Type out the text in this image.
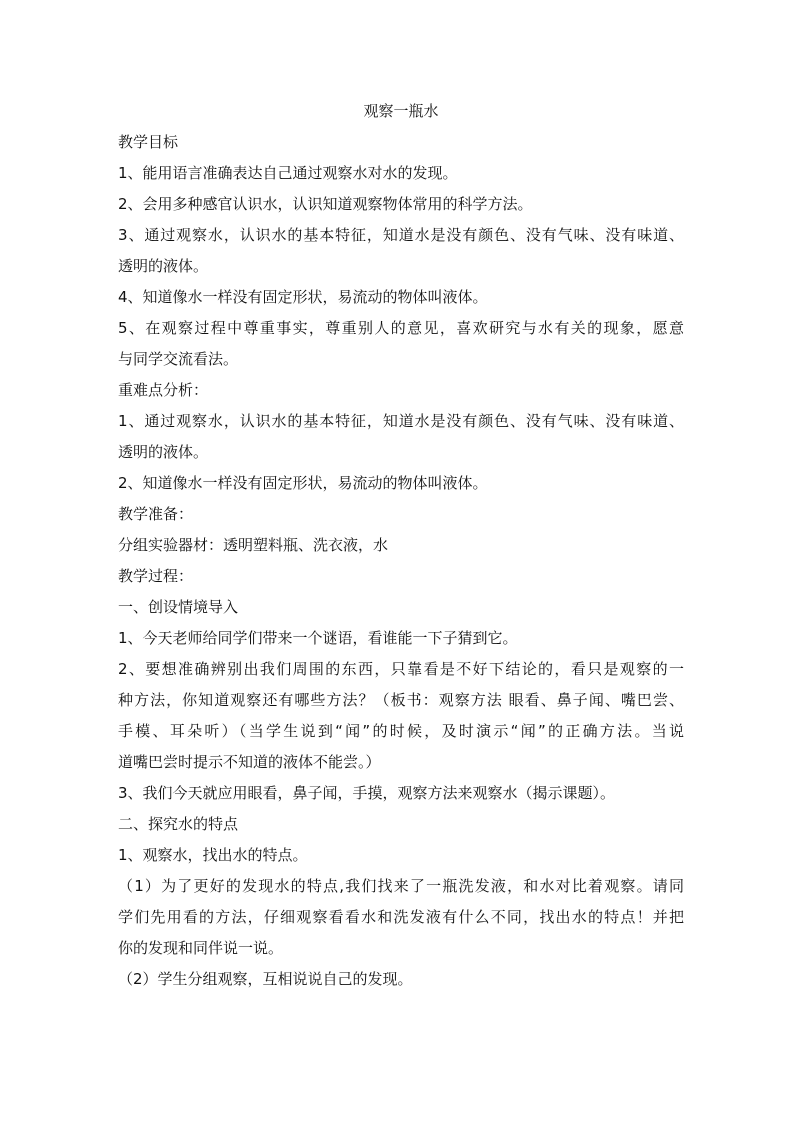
观察一瓶水

教学目标

1、能用语言准确表达自己通过观察水对水的发现。

2、会用多种感官认识水，认识知道观察物体常用的科学方法。

3、通过观察水，认识水的基本特征，知道水是没有颜色、没有气味、没有味道、

透明的液体。

4、知道像水一样没有固定形状，易流动的物体叫液体。

5、在观察过程中尊重事实，尊重别人的意见，喜欢研究与水有关的现象，愿意

与同学交流看法。

重难点分析：

1、通过观察水，认识水的基本特征，知道水是没有颜色、没有气味、没有味道、

透明的液体。

2、知道像水一样没有固定形状，易流动的物体叫液体。

教学准备：

分组实验器材：透明塑料瓶、洗衣液，水

教学过程：

一、创设情境导入

1、今天老师给同学们带来一个谜语，看谁能一下子猜到它。

2、要想准确辨别出我们周围的东西，只靠看是不好下结论的，看只是观察的一

种方法，你知道观察还有哪些方法？（板书：观察方法 眼看、鼻子闻、嘴巴尝、

手模、耳朵听）（当学生说到“闻”的时候，及时演示“闻”的正确方法。当说

道嘴巴尝时提示不知道的液体不能尝。）

3、我们今天就应用眼看，鼻子闻，手摸，观察方法来观察水（揭示课题）。

二、探究水的特点

1、观察水，找出水的特点。

（1）为了更好的发现水的特点,我们找来了一瓶洗发液，和水对比着观察。请同

学们先用看的方法，仔细观察看看水和洗发液有什么不同，找出水的特点！并把

你的发现和同伴说一说。

（2）学生分组观察，互相说说自己的发现。
